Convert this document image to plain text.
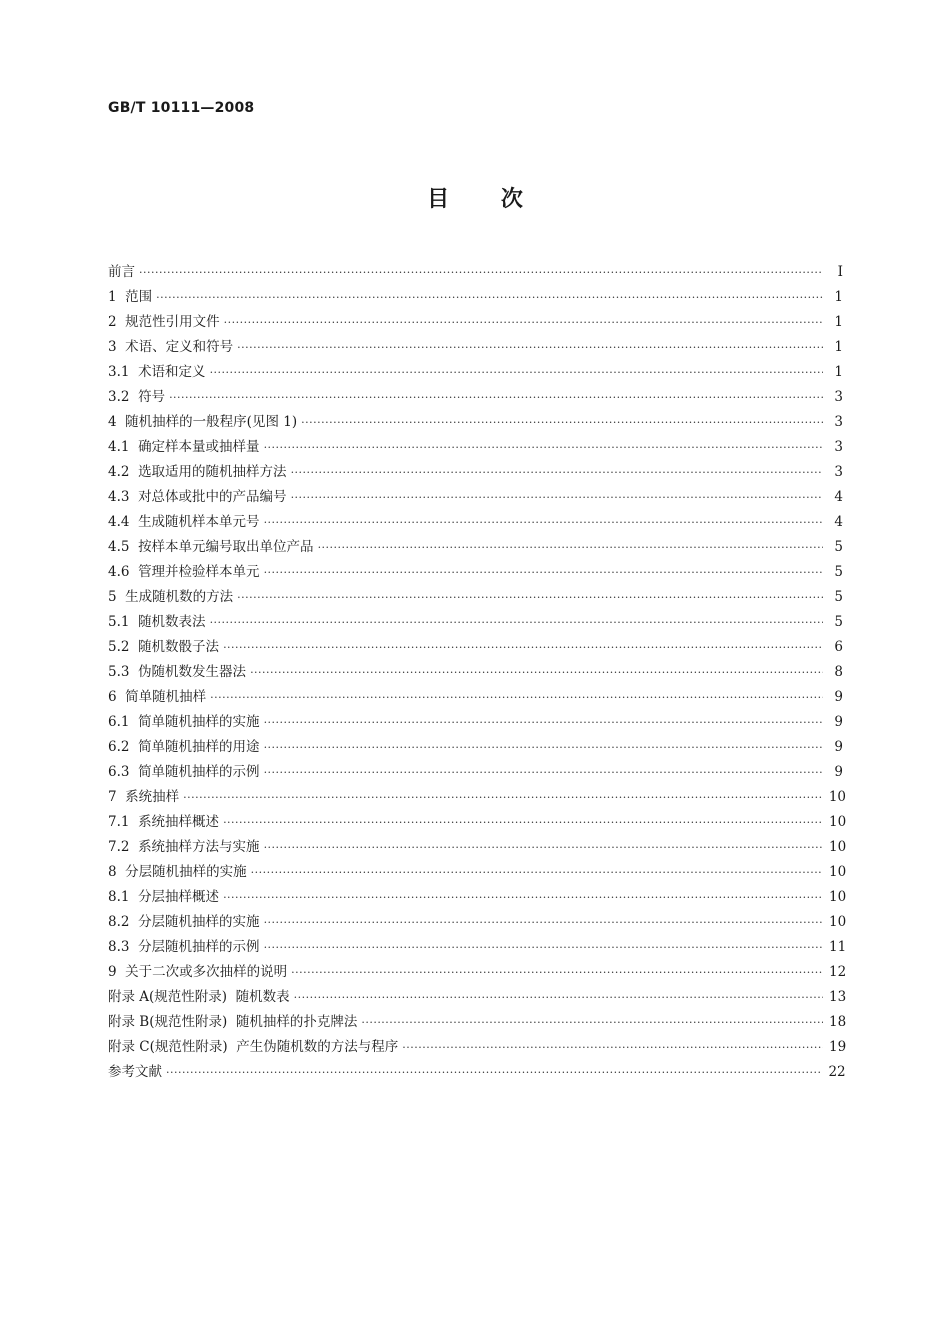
GB/T 10111—2008
目 次
前言 ·····	Ⅰ
1 范围 ·····	1
2 规范性引用文件 ·····	1
3 术语、定义和符号 ·····	1
3.1 术语和定义 ·····	1
3.2 符号 ·····	3
4 随机抽样的一般程序(见图 1) ·····	3
4.1 确定样本量或抽样量 ·····	3
4.2 选取适用的随机抽样方法 ·····	3
4.3 对总体或批中的产品编号 ·····	4
4.4 生成随机样本单元号 ·····	4
4.5 按样本单元编号取出单位产品 ·····	5
4.6 管理并检验样本单元 ·····	5
5 生成随机数的方法 ·····	5
5.1 随机数表法 ·····	5
5.2 随机数骰子法 ·····	6
5.3 伪随机数发生器法 ·····	8
6 简单随机抽样 ·····	9
6.1 简单随机抽样的实施 ·····	9
6.2 简单随机抽样的用途 ·····	9
6.3 简单随机抽样的示例 ·····	9
7 系统抽样 ·····	10
7.1 系统抽样概述 ·····	10
7.2 系统抽样方法与实施 ·····	10
8 分层随机抽样的实施 ·····	10
8.1 分层抽样概述 ·····	10
8.2 分层随机抽样的实施 ·····	10
8.3 分层随机抽样的示例 ·····	11
9 关于二次或多次抽样的说明 ·····	12
附录 A(规范性附录)  随机数表 ·····	13
附录 B(规范性附录)  随机抽样的扑克牌法 ·····	18
附录 C(规范性附录)  产生伪随机数的方法与程序 ·····	19
参考文献 ·····	22
